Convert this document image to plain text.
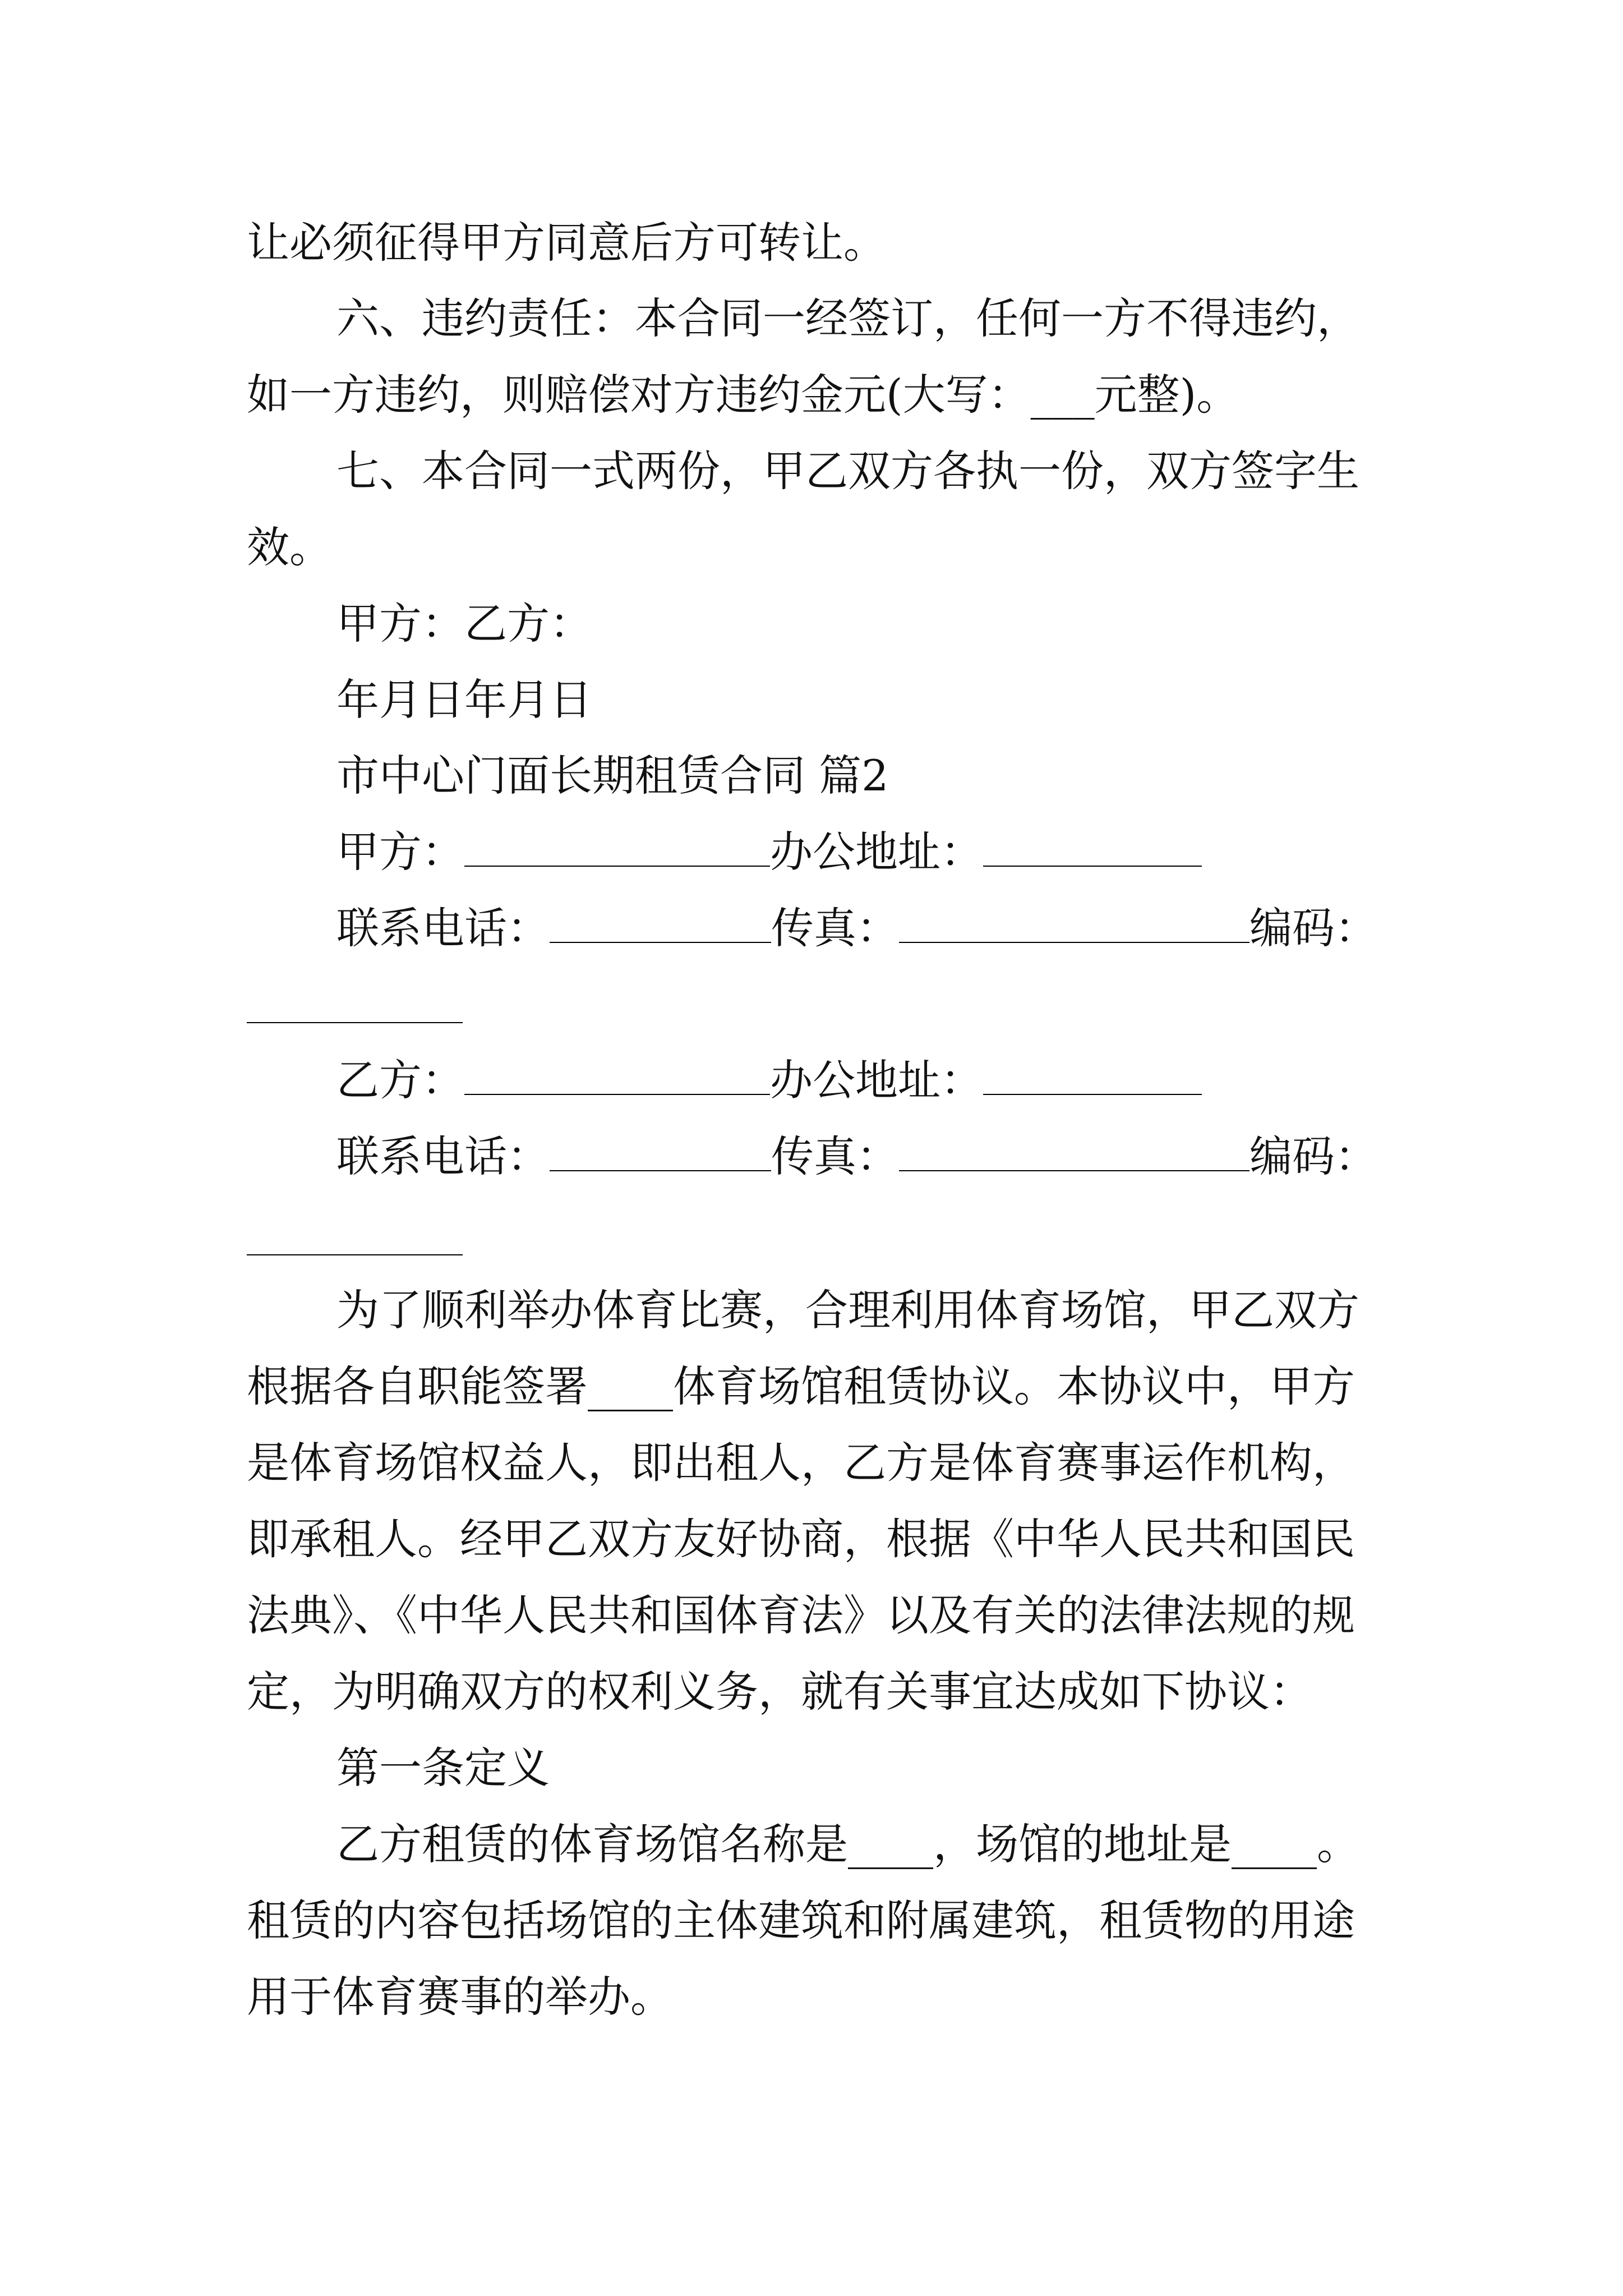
让必须征得甲方同意后方可转让。
六、违约责任：本合同一经签订，任何一方不得违约，
如一方违约，则赔偿对方违约金元(大写：___元整)。
七、本合同一式两份，甲乙双方各执一份，双方签字生
效。
甲方：乙方：
年月日年月日
市中心门面长期租赁合同 篇2
甲方：	办公地址：
联系电话：	传真：	编码：
乙方：	办公地址：
联系电话：	传真：	编码：
为了顺利举办体育比赛，合理利用体育场馆，甲乙双方
根据各自职能签署____体育场馆租赁协议。本协议中，甲方
是体育场馆权益人，即出租人，乙方是体育赛事运作机构，
即承租人。经甲乙双方友好协商，根据《中华人民共和国民
法典》、《中华人民共和国体育法》以及有关的法律法规的规
定，为明确双方的权利义务，就有关事宜达成如下协议：
第一条定义
乙方租赁的体育场馆名称是____，场馆的地址是____。
租赁的内容包括场馆的主体建筑和附属建筑，租赁物的用途
用于体育赛事的举办。
